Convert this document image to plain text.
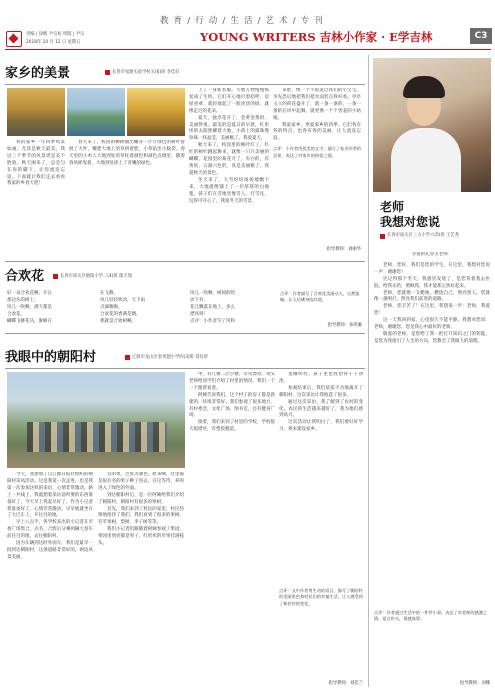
教 育 / 行 动 / 生 活 / 艺 术 / 专 刊
责编 | 徐帆 尹宗杭 组版 | 尹宗
2018年 10 月 12 日 星期五	YOUNG WRITERS 吉林小作家 · E学吉林	C3
家乡的美景	长春市星源实验学校五(6)班 李佳轩

我的家乡一年四季风景如画，尤其是秋天最美，我这三个季节的风景更是美不胜收。秋天刚来了，总会匀在你的脚下，让你流连忘返。下面就让我们走去看看我家的乡春天吧！

春天来了，校园的柳树抽出嫩芽一片片绿色的树叶舒展了大叶，嫩肥大地上的草拼着脸，小草钻出小脑袋。春天里的小单人大地到处的草柱着颜色和颜色点缀里，随着春风摇曳着，大地到处涂上了青嫩的绿色。

上了一身新衣服。大地万物慢慢恢复成了生机，它们开心地打着招呼。房屋青翠，就轻地起了一股淡淡的绿，就像走过的花朵。

夏天，独享花开了，金黄金黄的，美丽得很。最美的是夏日的早晨，红彤彤的太阳照耀着大地，小荷上的露珠像珍珠一样晶莹，美丽极了，我爱夏天。

秋天来了，校园里的枫叶红了，红红的树叶跳起舞来，就像一只只美丽的蝴蝶。花园里的菊花开了，有白的，有黄的，五颜六色的，真是美丽极了。我爱秋天的景色。

冬天来了，大雪纷纷扬扬地飘下来，大地就像铺上了一层厚厚的白地毯，孩子们在雪地里堆雪人、打雪仗，玩得可开心了。我爱冬天的雪景。

来吧，像一个不很灵过我们的小宝宝。争先恐后地把我们把水面装点得好看。亭亭玉立的荷花盛开了，就一条一条的，一条一条的在风中起舞。就更像一个个害羞的小姑娘。

我爱家乡，更爱家乡的四季，它们各有各的特点，也各有各的美丽，让人流连忘返。

点评：小作者用优美的文字，描写了家乡四季的美景，表达了对家乡的热爱之情。
指导教师：刘丽华
合欢花	长春市南关区朝阳小学二(4)班 邵天瑞
好一朵合欢花啊，开在
那边丛的树上。
风儿一吹啊，满天都是
合欢花。
蝴蝶飞舞花丛，蜜蜂在
在飞舞。
风儿轻轻吹动，天下雨
点滴嗡嗡。
合欢花的香满是偶，
那就是合欢树啊。
风儿一吹啊，树间的吹
动下有，
花儿飘落在地上，多么
漂亮呀！
点评：小作者写了风和
点评：作者描写了合欢花美丽动人，自然流畅，让人仿佛身临其境。
指导教师：孙鸿雁
我眼中的朝阳村	辽源市龙山区金鸡翅小学四(3)班 常钰妤

今天，我参加了自辽源日报社组织的朝阳村采风活动。这是我第一次走进，也是我第一次参加这样的采访，心情非常激动。路上一共线上，我就想着采访前所要的东西准备好了，今天早上我起早好了，作为小记者我准备好了，心情非常激动，早早地就坐在了大巴车上，开往目的地。

早上八点半，各学校来出的小记者在市委广场集合，点名、合影后分乘两辆大客车前往目的地，去往朝阳村。

因为车辆到达时外面车，我们是最早一批到达朝阳村，这条道路非常好的，两边风景美丽。

首的果，芭蕉等颜色。原来啊，这里都是很有名的果子种了进去，在这等待，养的进入了绿色的外面。

到达朝阳村后，是一位阿姨给我们介绍了朝阳村，朝阳村有很多的果树。

首先，我们来到了村民的家里，村民热情地接待了我们，我们看到了很多的果树，有苹果树，梨树，李子树等等。

我们小记者们跟随着阿姨参观了果园，果园里到处都是果子，红彤彤的苹果挂满枝头。

中，有几棵二层小楼，非常漂亮，带头老师给同学们介绍了村里的情况，我们一个一个跟着看着。

阿姨告诉我们，这个村子的房子都是新建的，环境非常好。我们参观了很多地方，有村委会，文化广场，图书室，还有健身广场。

接着，我们来到了村里的学校，学校很大很漂亮，有塑胶跑道。

宽敞明亮。孩子里也收拾得干干净净。

参观结束后，我们依依不舍地离开了朝阳村，这次采访让我收获了很多。

通过这次采访，我了解到了农村的变化，农民的生活越来越好了，我为他们感到高兴。

这次活动让我明白了，我们要好好学习，将来建设家乡。

点评：文中作者用生动的语言，描写了朝阳村的美丽景色和村民们的幸福生活，让人感受到了新农村的变化。
指导教师：刘佳兰
老师
我想对您说
长春市南关区三古小学六(5)班 王艺尧
亲爱的孔显圣老师：

老师，您好，我们是您的学生。在这里，我想对您说一声：谢谢您！

还记得那个冬天，我感冒发烧了，是您背着我去医院，给我买药，照顾我，我才能那么快好起来。

老师，您就像一支蜡烛，燃烧自己，照亮别人。您就像一盏明灯，照亮我们前进的道路。

老师，您辛苦了！在这里，我想说一声：老师，我爱您！

这一天我回到家，心里很久不能平静。我想对您说：老师，谢谢您，您是我心中最好的老师。

敬爱的老师，是您给了我一把打开知识之门的钥匙，是您为我指引了人生的方向，您教会了我做人的道理。

点评：作者通过生活中的一件件小事，表达了对老师的感激之情。语言朴实，情感真挚。
指导教师：刘娜
